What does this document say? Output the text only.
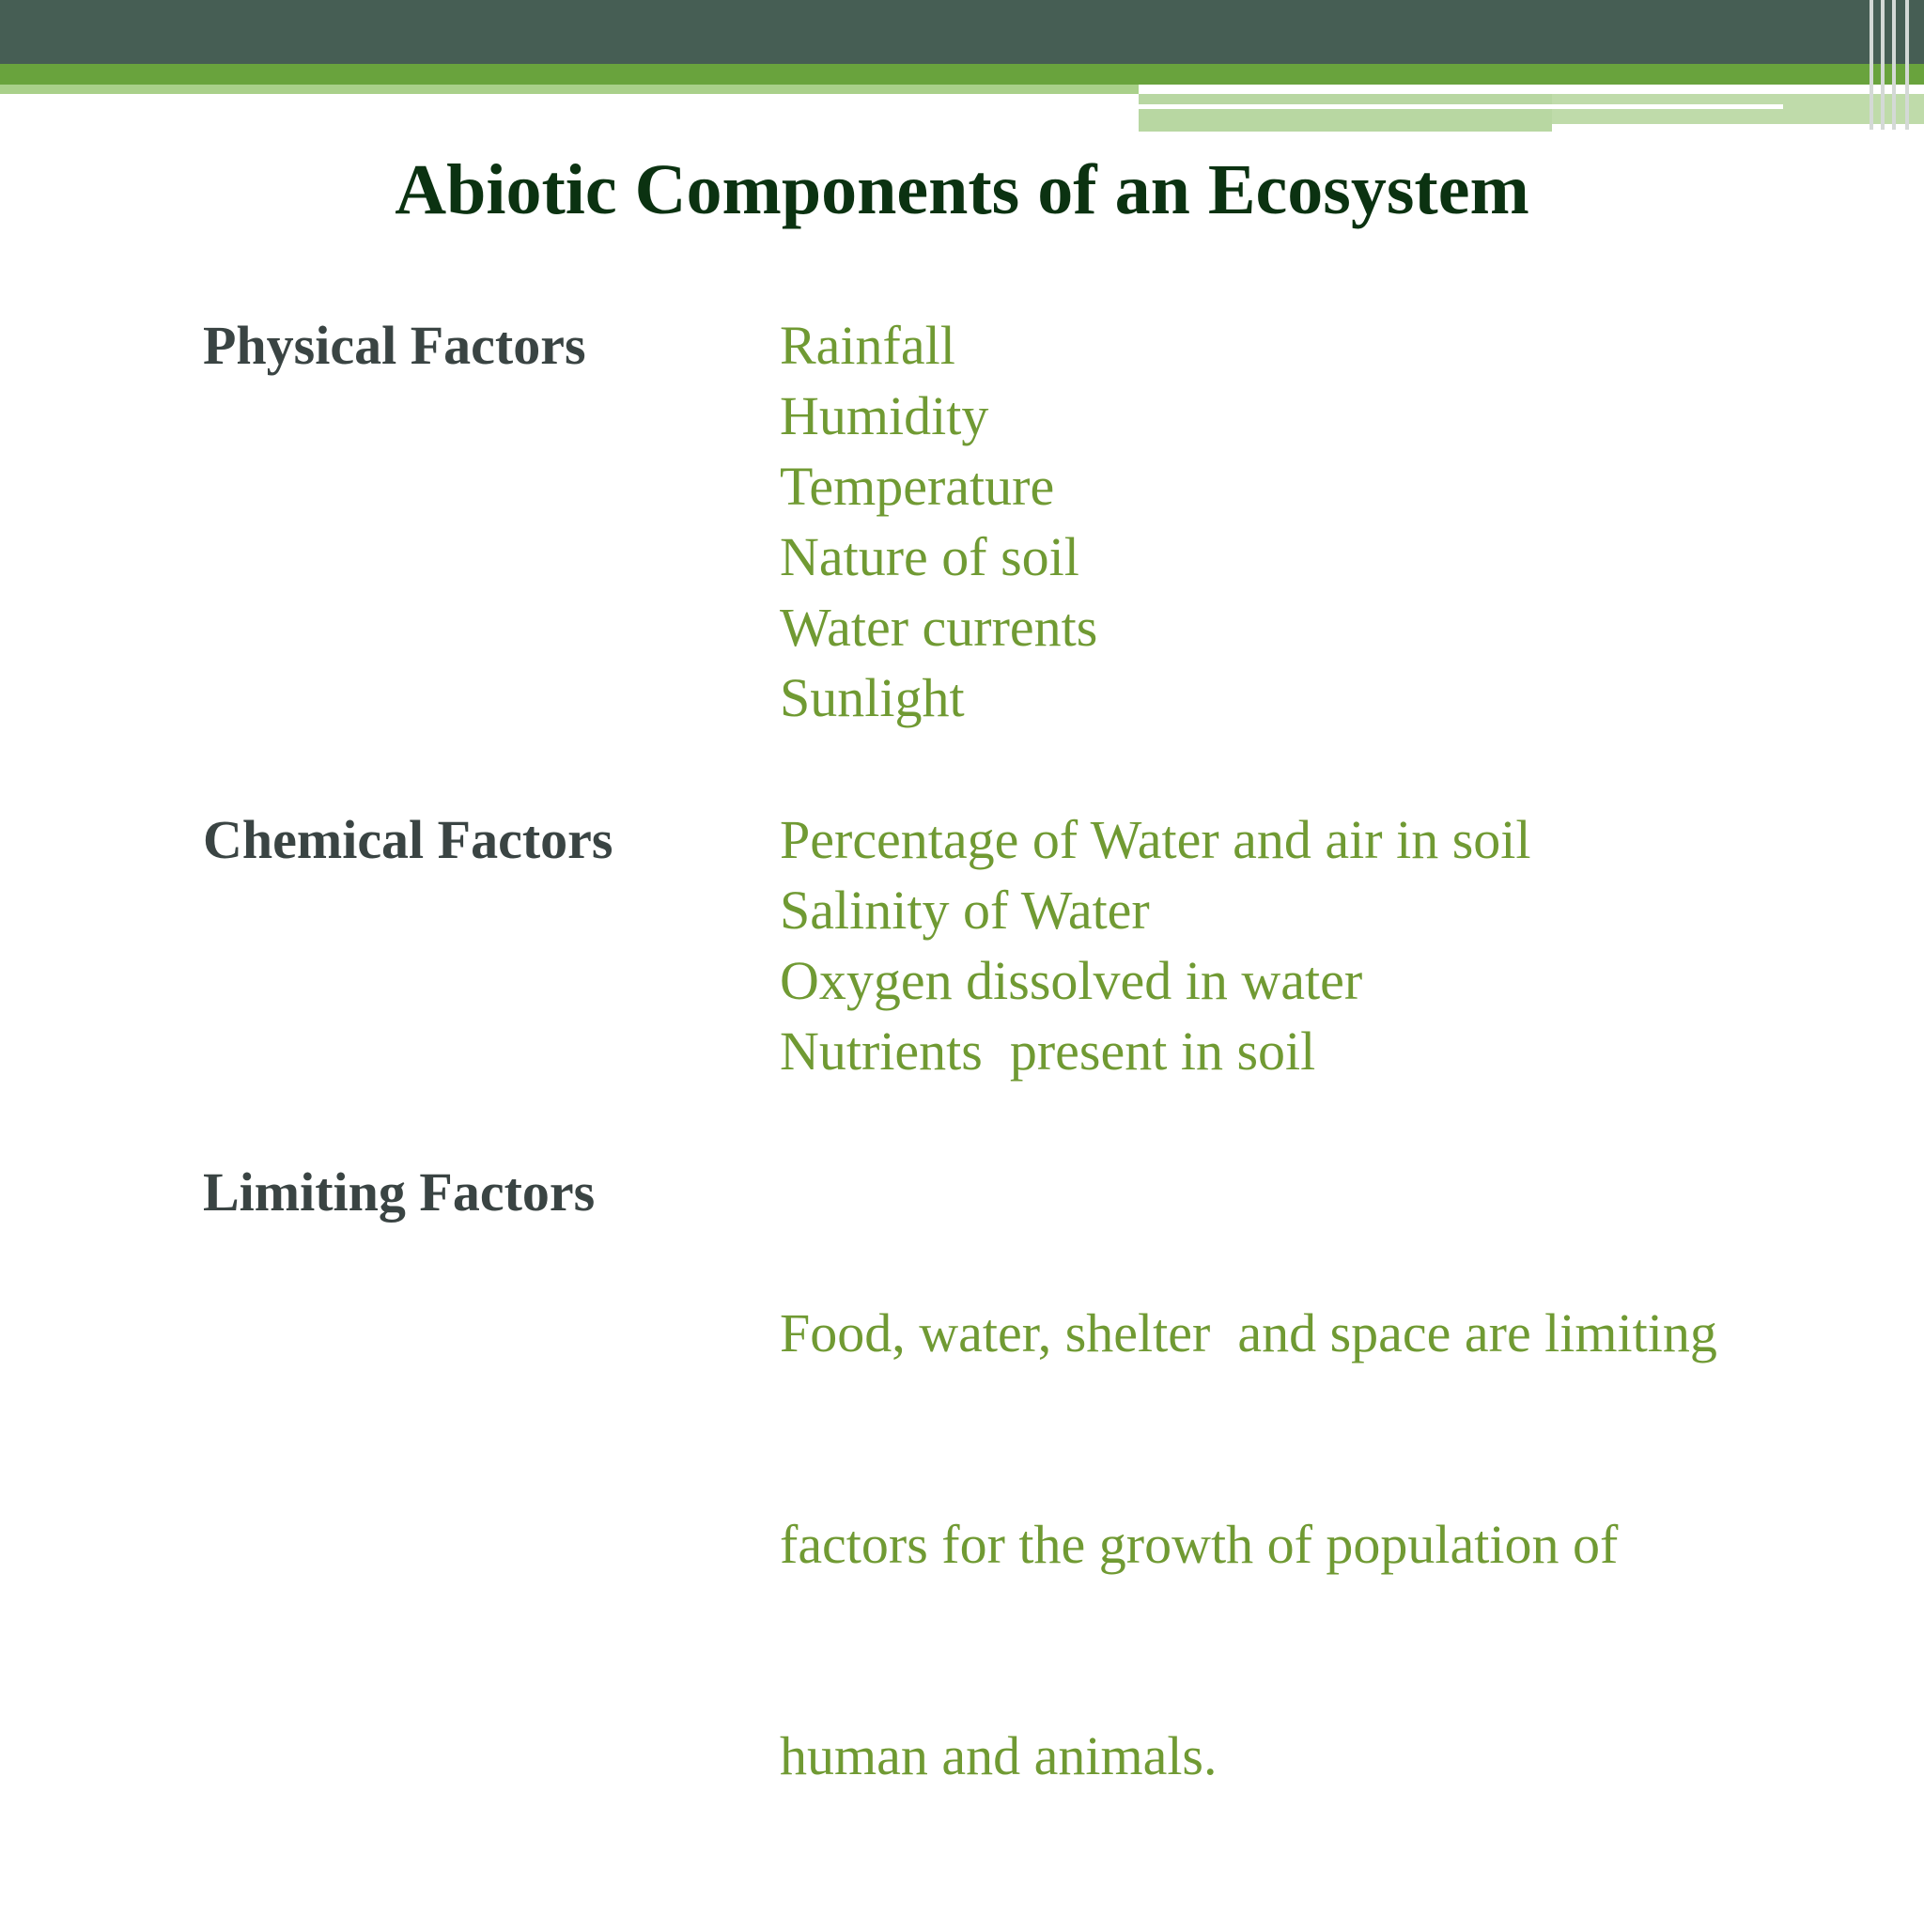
Abiotic Components of an Ecosystem
Physical Factors	Rainfall
Humidity
Temperature
Nature of soil
Water currents
Sunlight
Chemical Factors	Percentage of Water and air in soil
Salinity of Water
Oxygen dissolved in water
Nutrients  present in soil
Limiting Factors

Food, water, shelter  and space are limiting

factors for the growth of population of

human and animals.
